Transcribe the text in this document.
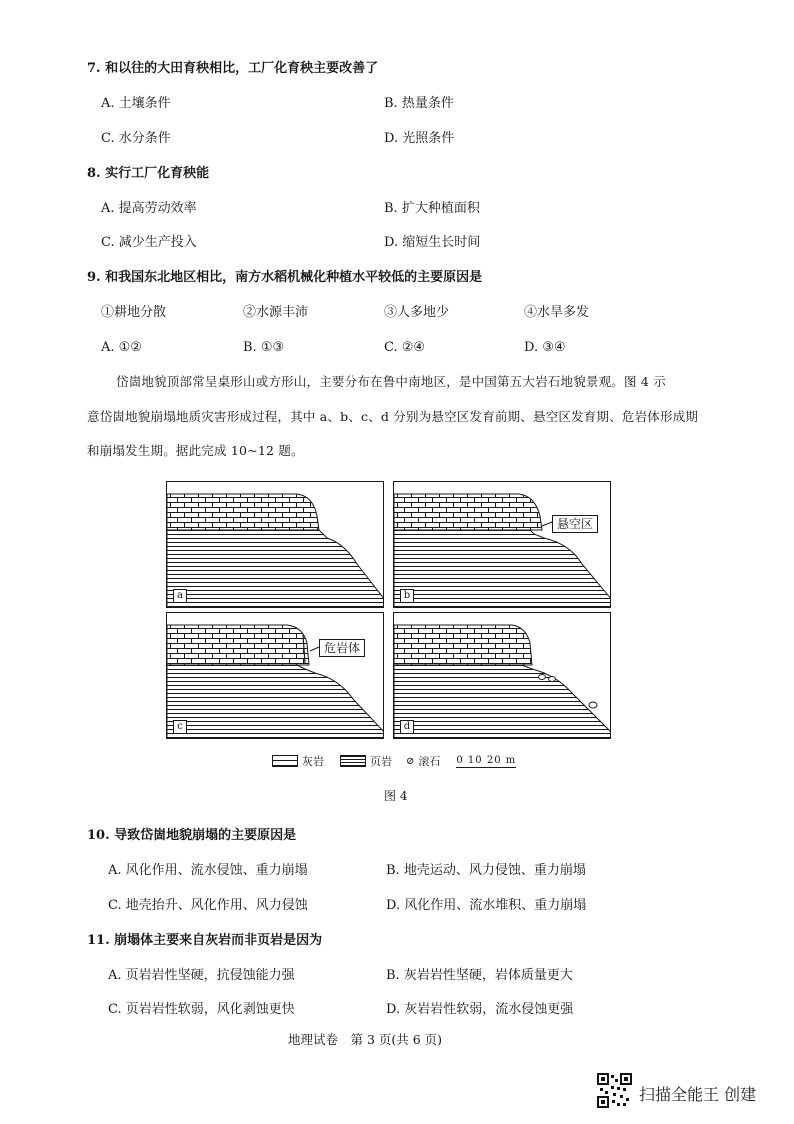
7. 和以往的大田育秧相比，工厂化育秧主要改善了
A. 土壤条件	B. 热量条件
C. 水分条件	D. 光照条件
8. 实行工厂化育秧能
A. 提高劳动效率	B. 扩大种植面积
C. 减少生产投入	D. 缩短生长时间
9. 和我国东北地区相比，南方水稻机械化种植水平较低的主要原因是
①耕地分散	②水源丰沛	③人多地少	④水旱多发
A. ①②	B. ①③	C. ②④	D. ③④
岱崮地貌顶部常呈桌形山或方形山，主要分布在鲁中南地区，是中国第五大岩石地貌景观。图 4 示
意岱崮地貌崩塌地质灾害形成过程，其中 a、b、c、d 分别为悬空区发育前期、悬空区发育期、危岩体形成期
和崩塌发生期。据此完成 10~12 题。
a	b
悬空区
c
危岩体
d
灰岩	页岩 ⊘ 滚石 0 10 20 m
图 4
10. 导致岱崮地貌崩塌的主要原因是
A. 风化作用、流水侵蚀、重力崩塌	B. 地壳运动、风力侵蚀、重力崩塌
C. 地壳抬升、风化作用、风力侵蚀	D. 风化作用、流水堆积、重力崩塌
11. 崩塌体主要来自灰岩而非页岩是因为
A. 页岩岩性坚硬，抗侵蚀能力强	B. 灰岩岩性坚硬，岩体质量更大
C. 页岩岩性软弱，风化剥蚀更快	D. 灰岩岩性软弱，流水侵蚀更强
地理试卷　第 3 页(共 6 页)
扫描全能王 创建
